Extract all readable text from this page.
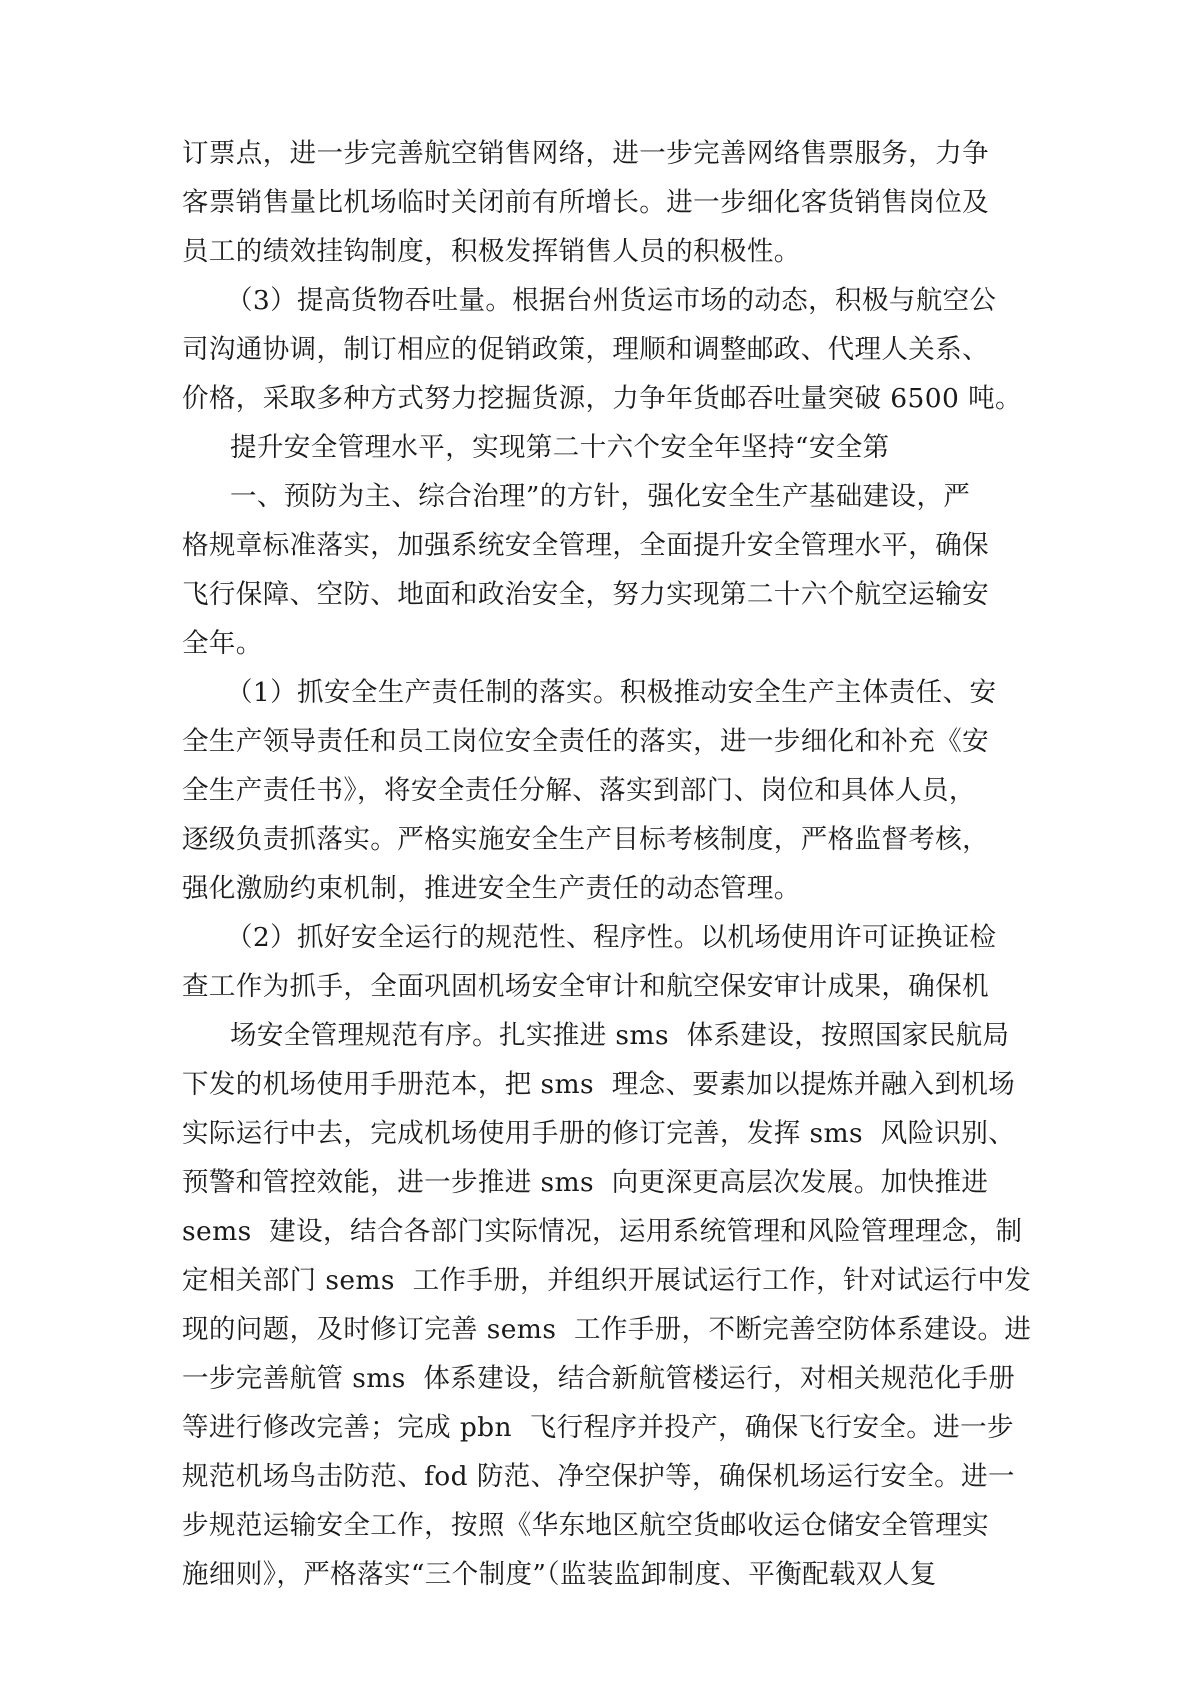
订票点，进一步完善航空销售网络，进一步完善网络售票服务，力争
客票销售量比机场临时关闭前有所增长。进一步细化客货销售岗位及
员工的绩效挂钩制度，积极发挥销售人员的积极性。
（3）提高货物吞吐量。根据台州货运市场的动态，积极与航空公
司沟通协调，制订相应的促销政策，理顺和调整邮政、代理人关系、
价格，采取多种方式努力挖掘货源，力争年货邮吞吐量突破 6500 吨。
提升安全管理水平，实现第二十六个安全年坚持“安全第
一、预防为主、综合治理”的方针，强化安全生产基础建设，严
格规章标准落实，加强系统安全管理，全面提升安全管理水平，确保
飞行保障、空防、地面和政治安全，努力实现第二十六个航空运输安
全年。
（1）抓安全生产责任制的落实。积极推动安全生产主体责任、安
全生产领导责任和员工岗位安全责任的落实，进一步细化和补充《安
全生产责任书》，将安全责任分解、落实到部门、岗位和具体人员，
逐级负责抓落实。严格实施安全生产目标考核制度，严格监督考核，
强化激励约束机制，推进安全生产责任的动态管理。
（2）抓好安全运行的规范性、程序性。以机场使用许可证换证检
查工作为抓手，全面巩固机场安全审计和航空保安审计成果，确保机
场安全管理规范有序。扎实推进 sms  体系建设，按照国家民航局
下发的机场使用手册范本，把 sms  理念、要素加以提炼并融入到机场
实际运行中去，完成机场使用手册的修订完善，发挥 sms  风险识别、
预警和管控效能，进一步推进 sms  向更深更高层次发展。加快推进
sems  建设，结合各部门实际情况，运用系统管理和风险管理理念，制
定相关部门 sems  工作手册，并组织开展试运行工作，针对试运行中发
现的问题，及时修订完善 sems  工作手册，不断完善空防体系建设。进
一步完善航管 sms  体系建设，结合新航管楼运行，对相关规范化手册
等进行修改完善；完成 pbn  飞行程序并投产，确保飞行安全。进一步
规范机场鸟击防范、fod 防范、净空保护等，确保机场运行安全。进一
步规范运输安全工作，按照《华东地区航空货邮收运仓储安全管理实
施细则》，严格落实“三个制度”（监装监卸制度、平衡配载双人复
